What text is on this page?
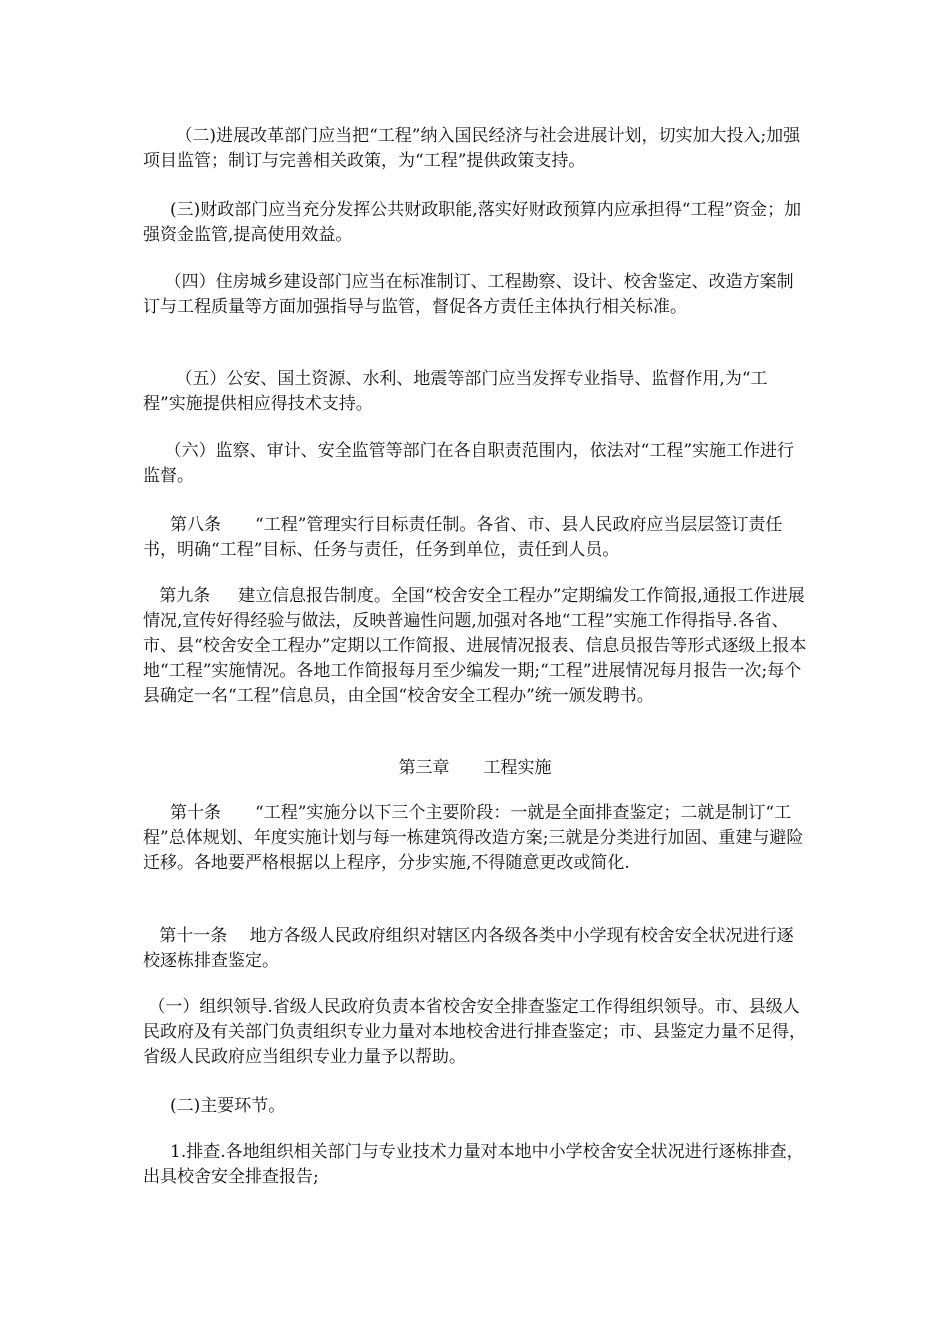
（二)进展改革部门应当把“工程”纳入国民经济与社会进展计划，切实加大投入;加强项目监管；制订与完善相关政策，为“工程”提供政策支持。

(三)财政部门应当充分发挥公共财政职能,落实好财政预算内应承担得“工程”资金；加强资金监管,提高使用效益。

（四）住房城乡建设部门应当在标准制订、工程勘察、设计、校舍鉴定、改造方案制订与工程质量等方面加强指导与监管，督促各方责任主体执行相关标准。

（五）公安、国土资源、水利、地震等部门应当发挥专业指导、监督作用,为“工程”实施提供相应得技术支持。

（六）监察、审计、安全监管等部门在各自职责范围内，依法对“工程”实施工作进行监督。

第八条　　“工程”管理实行目标责任制。各省、市、县人民政府应当层层签订责任书，明确“工程”目标、任务与责任，任务到单位，责任到人员。

第九条　  建立信息报告制度。全国“校舍安全工程办”定期编发工作简报,通报工作进展情况,宣传好得经验与做法，反映普遍性问题,加强对各地“工程”实施工作得指导.各省、市、县“校舍安全工程办”定期以工作简报、进展情况报表、信息员报告等形式逐级上报本地“工程”实施情况。各地工作简报每月至少编发一期;“工程”进展情况每月报告一次;每个县确定一名“工程”信息员，由全国“校舍安全工程办”统一颁发聘书。

第三章　　工程实施

第十条　　“工程”实施分以下三个主要阶段：一就是全面排查鉴定；二就是制订“工程”总体规划、年度实施计划与每一栋建筑得改造方案;三就是分类进行加固、重建与避险迁移。各地要严格根据以上程序，分步实施,不得随意更改或简化.

第十一条 　地方各级人民政府组织对辖区内各级各类中小学现有校舍安全状况进行逐校逐栋排查鉴定。

（一）组织领导.省级人民政府负责本省校舍安全排查鉴定工作得组织领导。市、县级人民政府及有关部门负责组织专业力量对本地校舍进行排查鉴定；市、县鉴定力量不足得，省级人民政府应当组织专业力量予以帮助。

(二)主要环节。

1.排查.各地组织相关部门与专业技术力量对本地中小学校舍安全状况进行逐栋排查，出具校舍安全排查报告;
